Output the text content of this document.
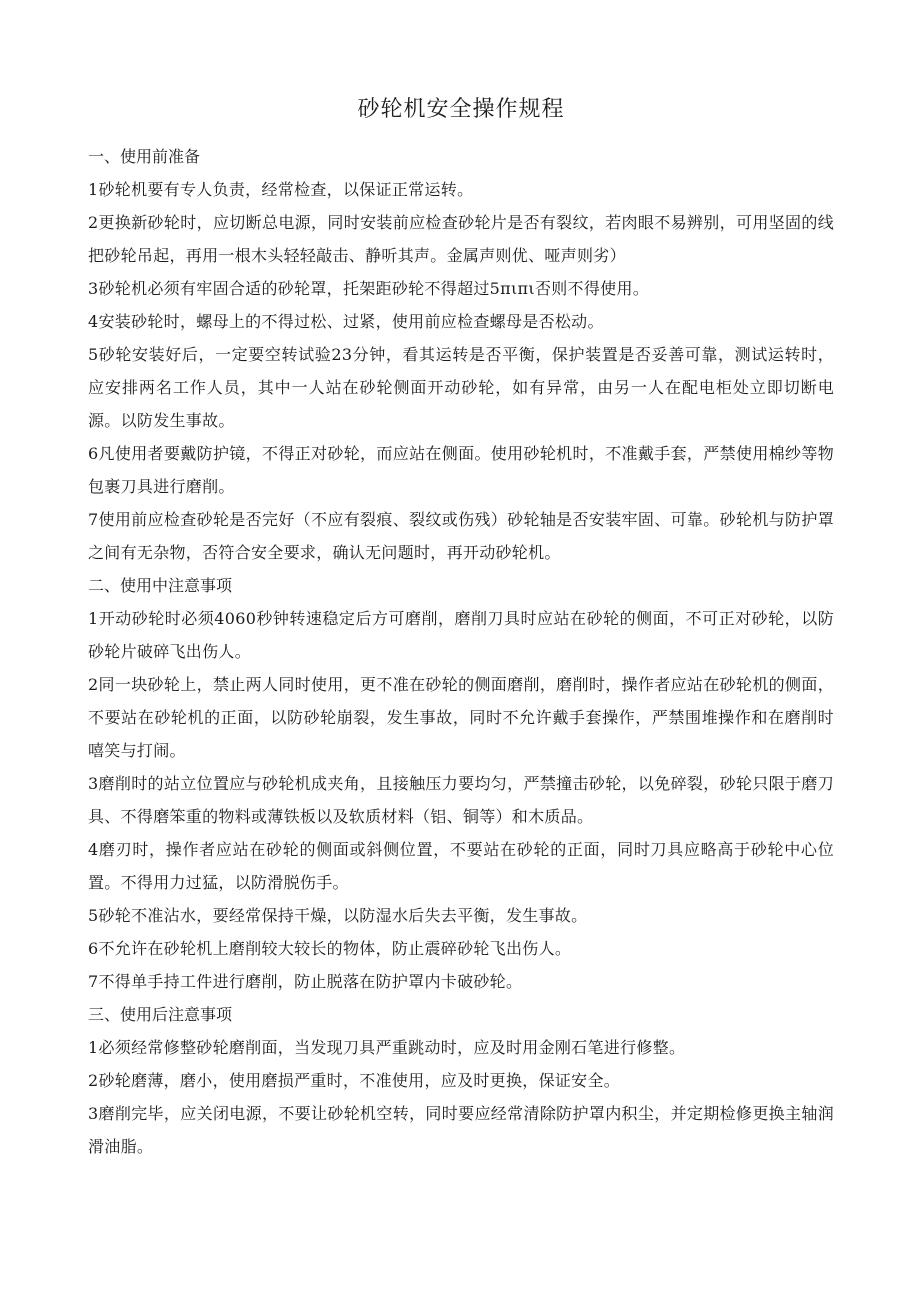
砂轮机安全操作规程

一、使用前准备

1砂轮机要有专人负责，经常检查，以保证正常运转。

2更换新砂轮时，应切断总电源，同时安装前应检查砂轮片是否有裂纹，若肉眼不易辨别，可用坚固的线把砂轮吊起，再用一根木头轻轻敲击、静听其声。金属声则优、哑声则劣）

3砂轮机必须有牢固合适的砂轮罩，托架距砂轮不得超过5πιπι否则不得使用。

4安装砂轮时，螺母上的不得过松、过紧，使用前应检查螺母是否松动。

5砂轮安装好后，一定要空转试验23分钟，看其运转是否平衡，保护装置是否妥善可靠，测试运转时，应安排两名工作人员，其中一人站在砂轮侧面开动砂轮，如有异常，由另一人在配电柜处立即切断电源。以防发生事故。

6凡使用者要戴防护镜，不得正对砂轮，而应站在侧面。使用砂轮机时，不准戴手套，严禁使用棉纱等物包裹刀具进行磨削。

7使用前应检查砂轮是否完好（不应有裂痕、裂纹或伤残）砂轮轴是否安装牢固、可靠。砂轮机与防护罩之间有无杂物，否符合安全要求，确认无问题时，再开动砂轮机。

二、使用中注意事项

1开动砂轮时必须4060秒钟转速稳定后方可磨削，磨削刀具时应站在砂轮的侧面，不可正对砂轮，以防砂轮片破碎飞出伤人。

2同一块砂轮上，禁止两人同时使用，更不准在砂轮的侧面磨削，磨削时，操作者应站在砂轮机的侧面，不要站在砂轮机的正面，以防砂轮崩裂，发生事故，同时不允许戴手套操作，严禁围堆操作和在磨削时嘻笑与打闹。

3磨削时的站立位置应与砂轮机成夹角，且接触压力要均匀，严禁撞击砂轮，以免碎裂，砂轮只限于磨刀具、不得磨笨重的物料或薄铁板以及软质材料（铝、铜等）和木质品。

4磨刃时，操作者应站在砂轮的侧面或斜侧位置，不要站在砂轮的正面，同时刀具应略高于砂轮中心位置。不得用力过猛，以防滑脱伤手。

5砂轮不准沾水，要经常保持干燥，以防湿水后失去平衡，发生事故。

6不允许在砂轮机上磨削较大较长的物体，防止震碎砂轮飞出伤人。

7不得单手持工件进行磨削，防止脱落在防护罩内卡破砂轮。

三、使用后注意事项

1必须经常修整砂轮磨削面，当发现刀具严重跳动时，应及时用金刚石笔进行修整。

2砂轮磨薄，磨小，使用磨损严重时，不准使用，应及时更换，保证安全。

3磨削完毕，应关闭电源，不要让砂轮机空转，同时要应经常清除防护罩内积尘，并定期检修更换主轴润滑油脂。
